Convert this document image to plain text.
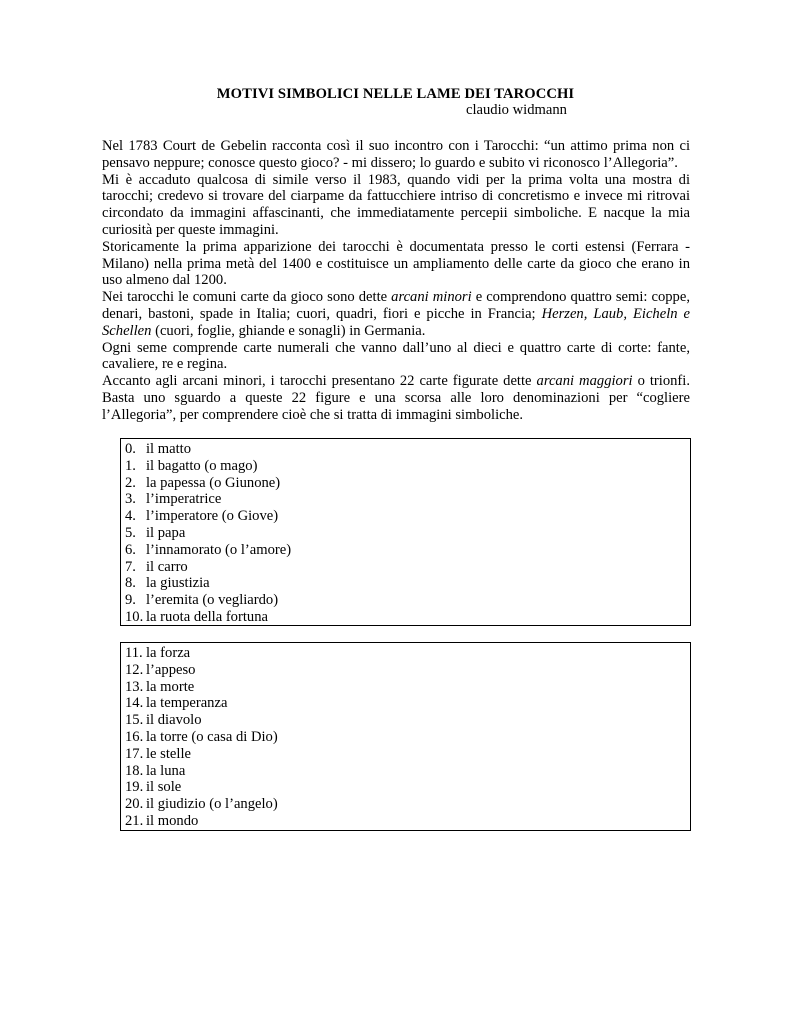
MOTIVI SIMBOLICI NELLE LAME DEI TAROCCHI
claudio widmann

Nel 1783 Court de Gebelin racconta così il suo incontro con i Tarocchi: “un attimo prima non ci pensavo neppure; conosce questo gioco? - mi dissero; lo guardo e subito vi riconosco l’Allegoria”.

Mi è accaduto qualcosa di simile verso il 1983, quando vidi per la prima volta una mostra di tarocchi; credevo si trovare del ciarpame da fattucchiere intriso di concretismo e invece mi ritrovai circondato da immagini affascinanti, che immediatamente percepii simboliche. E nacque la mia curiosità per queste immagini.

Storicamente la prima apparizione dei tarocchi è documentata presso le corti estensi (Ferrara - Milano) nella prima metà del 1400 e costituisce un ampliamento delle carte da gioco che erano in uso almeno dal 1200.

Nei tarocchi le comuni carte da gioco sono dette arcani minori e comprendono quattro semi: coppe, denari, bastoni, spade in Italia; cuori, quadri, fiori e picche in Francia; Herzen, Laub, Eicheln e Schellen (cuori, foglie, ghiande e sonagli) in Germania.

Ogni seme comprende carte numerali che vanno dall’uno al dieci e quattro carte di corte: fante, cavaliere, re e regina.

Accanto agli arcani minori, i tarocchi presentano 22 carte figurate dette arcani maggiori o trionfi. Basta uno sguardo a queste 22 figure e una scorsa alle loro denominazioni per “cogliere l’Allegoria”, per comprendere cioè che si tratta di immagini simboliche.

0. il matto
1. il bagatto (o mago)
2. la papessa (o Giunone)
3. l’imperatrice
4. l’imperatore (o Giove)
5. il papa
6. l’innamorato (o l’amore)
7. il carro
8. la giustizia
9. l’eremita (o vegliardo)
10. la ruota della fortuna
11. la forza
12. l’appeso
13. la morte
14. la temperanza
15. il diavolo
16. la torre (o casa di Dio)
17. le stelle
18. la luna
19. il sole
20. il giudizio (o l’angelo)
21. il mondo
